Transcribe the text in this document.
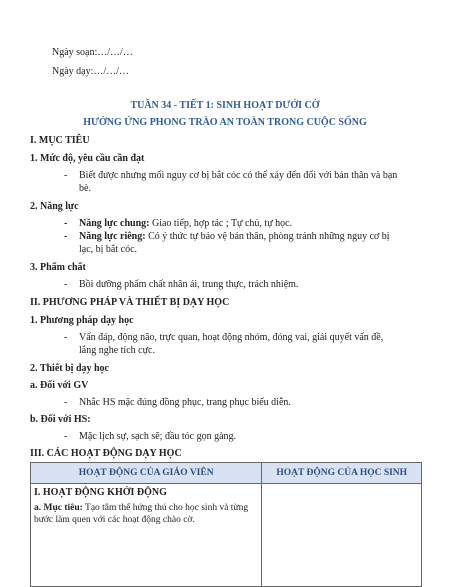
Ngày soạn:…/…/…
Ngày dạy:…/…/…
TUẦN 34 - TIẾT 1: SINH HOẠT DƯỚI CỜ
HƯỞNG ỨNG PHONG TRÀO AN TOÀN TRONG CUỘC SỐNG
I. MỤC TIÊU
1. Mức độ, yêu cầu cần đạt
- Biết được nhưng mối nguy cơ bị bắt cóc có thể xảy đến đối với bản thân và bạn
bè.
2. Năng lực
- Năng lực chung: Giao tiếp, hợp tác ; Tự chủ, tự học.
- Năng lực riêng: Có ý thức tự bảo vệ bản thân, phòng tránh những nguy cơ bị
lạc, bị bắt cóc.
3. Phẩm chất
- Bồi dưỡng phẩm chất nhân ái, trung thực, trách nhiệm.
II. PHƯƠNG PHÁP VÀ THIẾT BỊ DẠY HỌC
1. Phương pháp dạy học
- Vấn đáp, động não, trực quan, hoạt động nhóm, đóng vai, giải quyết vấn đề,
lắng nghe tích cực.
2. Thiết bị dạy học
a. Đối với GV
- Nhắc HS mặc đúng đồng phục, trang phục biểu diễn.
b. Đối với HS:
- Mặc lịch sự, sạch sẽ; đầu tóc gọn gàng.
III. CÁC HOẠT ĐỘNG DẠY HỌC
HOẠT ĐỘNG CỦA GIÁO VIÊN	HOẠT ĐỘNG CỦA HỌC SINH

I. HOẠT ĐỘNG KHỞI ĐỘNG
a. Mục tiêu: Tạo tâm thế hứng thú cho học sinh và từng bước làm quen với các hoạt động chào cờ.	
